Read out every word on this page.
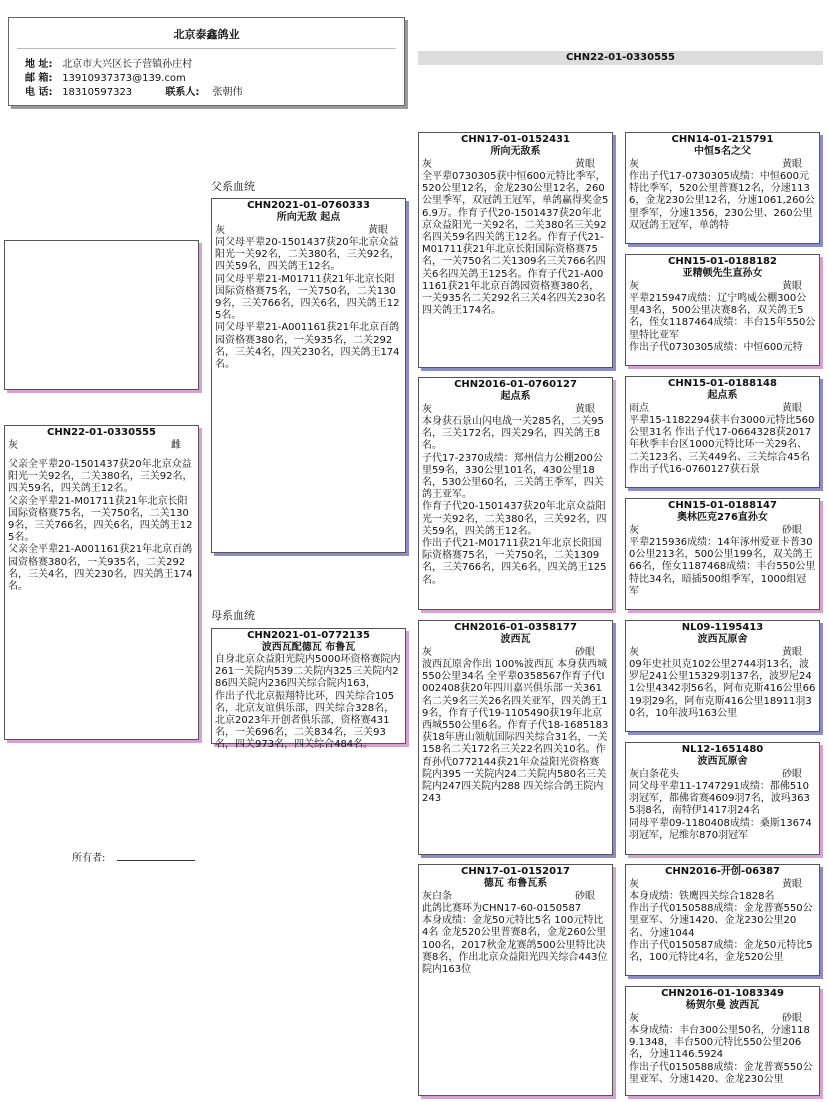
北京泰鑫鸽业
地 址: 北京市大兴区长子营镇孙庄村
邮 箱: 13910937373@139.com
电 话: 18310597323	联系人: 张朝伟
CHN22-01-0330555
父系血统
母系血统
所有者:
CHN22-01-0330555
灰	雌
父亲全平辈20-1501437获20年北京众益阳光一关92名，二关380名，三关92名，四关59名，四关鸽王12名。
父亲全平辈21-M01711获21年北京长阳国际资格赛75名，一关750名，二关1309名，三关766名，四关6名，四关鸽王125名。
父亲全平辈21-A001161获21年北京百鸽园资格赛380名，一关935名，二关292名，三关4名，四关230名，四关鸽王174名。
CHN2021-01-0760333
所向无敌 起点
灰	黄眼
同父母平辈20-1501437获20年北京众益阳光一关92名，二关380名，三关92名，四关59名，四关鸽王12名。
同父母平辈21-M01711获21年北京长阳国际资格赛75名，一关750名，二关1309名，三关766名，四关6名，四关鸽王125名。
同父母平辈21-A001161获21年北京百鸽园资格赛380名，一关935名，二关292名，三关4名，四关230名，四关鸽王174名。
CHN2021-01-0772135
波西瓦配德瓦 布鲁瓦
自身北京众益阳光院内5000环资格赛院内261一关院内539二关院内325三关院内286四关院内236四关综合院内163，
作出子代北京振翔特比环，四关综合105名，北京友谊俱乐部，四关综合328名，北京2023年开创者俱乐部，资格赛431名，一关696名，二关834名，三关93名，四关973名，四关综合484名。
CHN17-01-0152431
所向无敌系
灰	黄眼
全平辈0730305获中恒600元特比季军，520公里12名，金龙230公里12名，260公里季军，双冠鸽王冠军，单鸽赢得奖金56.9万。作育子代20-1501437获20年北京众益阳光一关92名，二关380名三关92名四关59名四关鸽王12名。作育子代21-M01711获21年北京长阳国际资格赛75名，一关750名二关1309名三关766名四关6名四关鸽王125名。作育子代21-A001161获21年北京百鸽园资格赛380名，一关935名二关292名三关4名四关230名四关鸽王174名。
CHN2016-01-0760127
起点系
灰	黄眼
本身获石景山闪电战一关285名，二关95名，三关172名，四关29名，四关鸽王8名。
子代17-2370成绩：郑州信力公棚200公里59名，330公里101名，430公里18名，530公里60名，三关鸽王季军，四关鸽王亚军。
作育子代20-1501437获20年北京众益阳光一关92名，二关380名，三关92名，四关59名，四关鸽王12名。
作出子代21-M01711获21年北京长阳国际资格赛75名，一关750名，二关1309名，三关766名，四关6名，四关鸽王125名。
CHN2016-01-0358177
波西瓦
灰	砂眼
波西瓦原舍作出 100%波西瓦 本身获西城550公里34名 全平辈0358567作育子代I002408获20年四川嘉兴俱乐部一关361名二关9名三关26名四关亚军，四关鸽王19名，作育子代19-1105490获19年北京西城550公里6名。作育子代18-1685183获18年唐山领航国际四关综合31名，一关158名二关172名三关22名四关10名。作育孙代0772144获21年众益阳光资格赛院内395 一关院内24二关院内580名三关院内247四关院内288 四关综合鸽王院内243
CHN17-01-0152017
德瓦 布鲁瓦系
灰白条	砂眼
此鸽比赛环为CHN17-60-0150587
本身成绩：金龙50元特比5名 100元特比4名 金龙520公里普赛8名，金龙260公里100名，2017秋金龙赛鸽500公里特比决赛8名，作出北京众益阳光四关综合443位院内163位
CHN14-01-215791
中恒5名之父
灰	黄眼
作出子代17-0730305成绩：中恒600元特比季军，520公里普赛12名，分速1136，金龙230公里12名，分速1061,260公里季军，分速1356，230公里、260公里双冠鸽王冠军，单鸽特
CHN15-01-0188182
亚精顿先生直孙女
灰	黄眼
平辈215947成绩：辽宁鸣威公棚300公里43名，500公里决赛8名，双关鸽王5名，侄女1187464成绩：丰台15年550公里特比亚军
作出子代0730305成绩：中恒600元特
CHN15-01-0188148
起点系
雨点	黄眼
平辈15-1182294获丰台3000元特比560公里31名 作出子代17-0664328获2017年秋季丰台区1000元特比环一关29名、二关123名、三关449名、三关综合45名 作出子代16-0760127获石景
CHN15-01-0188147
奥林匹克276直孙女
灰	砂眼
平辈215936成绩：14年涿州爱亚卡普300公里213名，500公里199名，双关鸽王66名，侄女1187468成绩：丰台550公里特比34名，暗插500组季军，1000组冠军
NL09-1195413
波西瓦原舍
灰	黄眼
09年史社贝克102公里2744羽13名，波罗尼241公里15329羽137名，波罗尼241公里4342羽56名，阿布克斯416公里6619羽29名，阿布克斯416公里18911羽30名，10年波玛163公里
NL12-1651480
波西瓦原舍
灰白条花头	砂眼
同父母平辈11-1747291成绩：都佛510羽冠军，都佛省赛4609羽7名，波玛3635羽8名，南特伊1417羽24名
同母平辈09-1180408成绩：桑斯13674羽冠军，尼维尔870羽冠军
CHN2016-开创-06387
灰	黄眼
本身成绩：铁鹰四关综合1828名
作出子代0150588成绩：金龙普赛550公里亚军、分速1420、金龙230公里20名、分速1044
作出子代0150587成绩：金龙50元特比5名，100元特比4名，金龙520公里
CHN2016-01-1083349
杨贺尔曼 波西瓦
灰	砂眼
本身成绩：丰台300公里50名，分速1189.1348，丰台500元特比550公里206名，分速1146.5924
作出子代0150588成绩：金龙普赛550公里亚军、分速1420、金龙230公里
